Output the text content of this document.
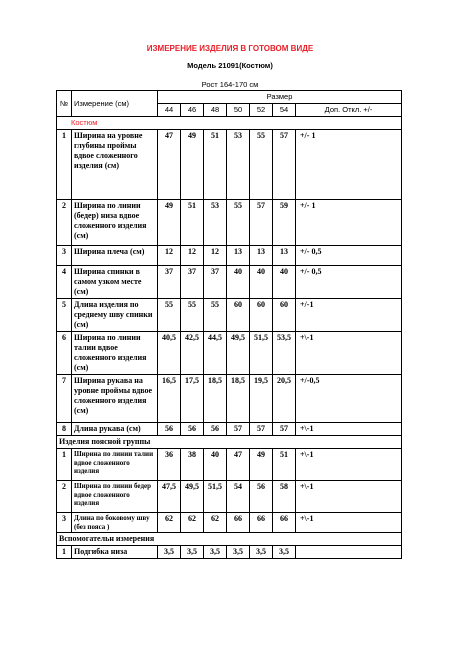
ИЗМЕРЕНИЕ ИЗДЕЛИЯ В ГОТОВОМ ВИДЕ
Модель 21091(Костюм)
Рост 164-170 см
№	Измерение (см)	Размер						
		44	46	48	50	52	54	Доп. Откл. +/-
Костюм								
1	Ширина на уровне глубины проймы вдвое сложенного изделия (см)	47	49	51	53	55	57	+/- 1
2	Ширина по линии (бедер) низа вдвое сложенного изделия (см)	49	51	53	55	57	59	+/- 1
3	Ширина плеча (см)	12	12	12	13	13	13	+/- 0,5
4	Ширина спинки в самом узком месте (см)	37	37	37	40	40	40	+/- 0,5
5	Длина изделия по среднему шву спинки (см)	55	55	55	60	60	60	+/-1
6	Ширина по линии талии вдвое сложенного изделия (см)	40,5	42,5	44,5	49,5	51,5	53,5	+\-1
7	Ширина рукава на уровне проймы вдвое сложенного изделия (см)	16,5	17,5	18,5	18,5	19,5	20,5	+/-0,5
8	Длина рукава (см)	56	56	56	57	57	57	+\-1
Изделия поясной группы								
1	Ширина по линии талии вдвое сложенного изделия	36	38	40	47	49	51	+\-1
2	Ширина по линии бедер вдвое сложенного изделия	47,5	49,5	51,5	54	56	58	+\-1
3	Длина по боковому шву (без пояса )	62	62	62	66	66	66	+\-1
Вспомогательн измерения								
1	Подгибка низа	3,5	3,5	3,5	3,5	3,5	3,5	
